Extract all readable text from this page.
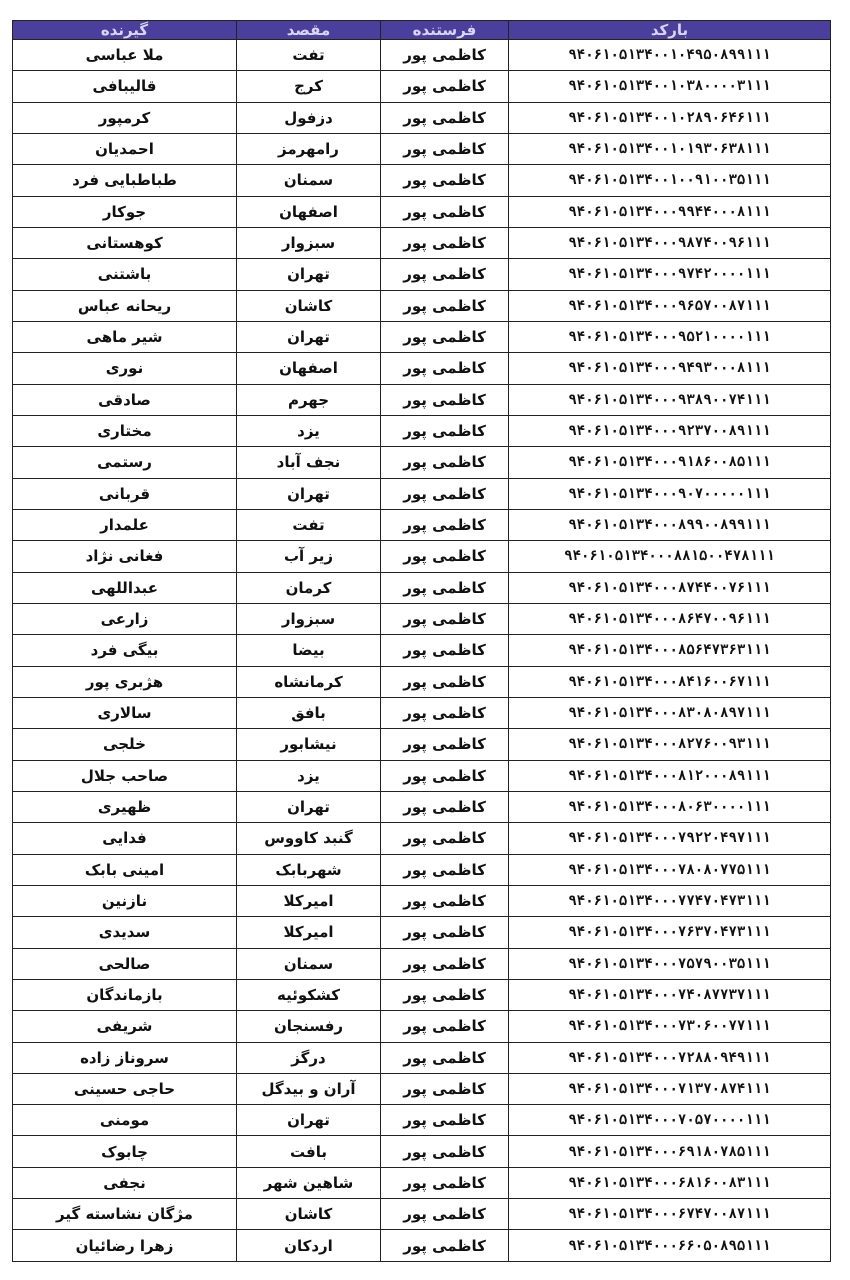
بارکد	فرستنده	مقصد	گیرنده
۹۴۰۶۱۰۵۱۳۴۰۰۱۰۴۹۵۰۸۹۹۱۱۱	کاظمی پور	تفت	ملا عباسی
۹۴۰۶۱۰۵۱۳۴۰۰۱۰۳۸۰۰۰۰۳۱۱۱	کاظمی پور	کرج	قالیبافی
۹۴۰۶۱۰۵۱۳۴۰۰۱۰۲۸۹۰۶۴۶۱۱۱	کاظمی پور	دزفول	کرمپور
۹۴۰۶۱۰۵۱۳۴۰۰۱۰۱۹۳۰۶۳۸۱۱۱	کاظمی پور	رامهرمز	احمدیان
۹۴۰۶۱۰۵۱۳۴۰۰۱۰۰۹۱۰۰۳۵۱۱۱	کاظمی پور	سمنان	طباطبایی فرد
۹۴۰۶۱۰۵۱۳۴۰۰۰۹۹۴۴۰۰۰۸۱۱۱	کاظمی پور	اصفهان	جوکار
۹۴۰۶۱۰۵۱۳۴۰۰۰۹۸۷۴۰۰۹۶۱۱۱	کاظمی پور	سبزوار	کوهستانی
۹۴۰۶۱۰۵۱۳۴۰۰۰۹۷۴۲۰۰۰۰۱۱۱	کاظمی پور	تهران	باشتنی
۹۴۰۶۱۰۵۱۳۴۰۰۰۹۶۵۷۰۰۸۷۱۱۱	کاظمی پور	کاشان	ریحانه عباس
۹۴۰۶۱۰۵۱۳۴۰۰۰۹۵۲۱۰۰۰۰۱۱۱	کاظمی پور	تهران	شیر ماهی
۹۴۰۶۱۰۵۱۳۴۰۰۰۹۴۹۳۰۰۰۸۱۱۱	کاظمی پور	اصفهان	نوری
۹۴۰۶۱۰۵۱۳۴۰۰۰۹۳۸۹۰۰۷۴۱۱۱	کاظمی پور	جهرم	صادقی
۹۴۰۶۱۰۵۱۳۴۰۰۰۹۲۳۷۰۰۸۹۱۱۱	کاظمی پور	یزد	مختاری
۹۴۰۶۱۰۵۱۳۴۰۰۰۹۱۸۶۰۰۸۵۱۱۱	کاظمی پور	نجف آباد	رستمی
۹۴۰۶۱۰۵۱۳۴۰۰۰۹۰۷۰۰۰۰۰۱۱۱	کاظمی پور	تهران	قربانی
۹۴۰۶۱۰۵۱۳۴۰۰۰۸۹۹۰۰۸۹۹۱۱۱	کاظمی پور	تفت	علمدار
۹۴۰۶۱۰۵۱۳۴۰۰۰۸۸۱۵۰۰۴۷۸۱۱۱	کاظمی پور	زیر آب	فغانی نژاد
۹۴۰۶۱۰۵۱۳۴۰۰۰۸۷۴۴۰۰۷۶۱۱۱	کاظمی پور	کرمان	عبداللهی
۹۴۰۶۱۰۵۱۳۴۰۰۰۸۶۴۷۰۰۹۶۱۱۱	کاظمی پور	سبزوار	زارعی
۹۴۰۶۱۰۵۱۳۴۰۰۰۸۵۶۴۷۳۶۳۱۱۱	کاظمی پور	بیضا	بیگی فرد
۹۴۰۶۱۰۵۱۳۴۰۰۰۸۴۱۶۰۰۶۷۱۱۱	کاظمی پور	کرمانشاه	هژبری پور
۹۴۰۶۱۰۵۱۳۴۰۰۰۸۳۰۸۰۸۹۷۱۱۱	کاظمی پور	بافق	سالاری
۹۴۰۶۱۰۵۱۳۴۰۰۰۸۲۷۶۰۰۹۳۱۱۱	کاظمی پور	نیشابور	خلجی
۹۴۰۶۱۰۵۱۳۴۰۰۰۸۱۲۰۰۰۸۹۱۱۱	کاظمی پور	یزد	صاحب جلال
۹۴۰۶۱۰۵۱۳۴۰۰۰۸۰۶۳۰۰۰۰۱۱۱	کاظمی پور	تهران	ظهیری
۹۴۰۶۱۰۵۱۳۴۰۰۰۷۹۲۲۰۴۹۷۱۱۱	کاظمی پور	گنبد کاووس	فدایی
۹۴۰۶۱۰۵۱۳۴۰۰۰۷۸۰۸۰۷۷۵۱۱۱	کاظمی پور	شهربابک	امینی بابک
۹۴۰۶۱۰۵۱۳۴۰۰۰۷۷۴۷۰۴۷۳۱۱۱	کاظمی پور	امیرکلا	نازنین
۹۴۰۶۱۰۵۱۳۴۰۰۰۷۶۳۷۰۴۷۳۱۱۱	کاظمی پور	امیرکلا	سدیدی
۹۴۰۶۱۰۵۱۳۴۰۰۰۷۵۷۹۰۰۳۵۱۱۱	کاظمی پور	سمنان	صالحی
۹۴۰۶۱۰۵۱۳۴۰۰۰۷۴۰۸۷۷۳۷۱۱۱	کاظمی پور	کشکوئیه	بازماندگان
۹۴۰۶۱۰۵۱۳۴۰۰۰۷۳۰۶۰۰۷۷۱۱۱	کاظمی پور	رفسنجان	شریفی
۹۴۰۶۱۰۵۱۳۴۰۰۰۷۲۸۸۰۹۴۹۱۱۱	کاظمی پور	درگز	سروناز زاده
۹۴۰۶۱۰۵۱۳۴۰۰۰۷۱۳۷۰۸۷۴۱۱۱	کاظمی پور	آران و بیدگل	حاجی حسینی
۹۴۰۶۱۰۵۱۳۴۰۰۰۷۰۵۷۰۰۰۰۱۱۱	کاظمی پور	تهران	مومنی
۹۴۰۶۱۰۵۱۳۴۰۰۰۶۹۱۸۰۷۸۵۱۱۱	کاظمی پور	بافت	چابوک
۹۴۰۶۱۰۵۱۳۴۰۰۰۶۸۱۶۰۰۸۳۱۱۱	کاظمی پور	شاهین شهر	نجفی
۹۴۰۶۱۰۵۱۳۴۰۰۰۶۷۴۷۰۰۸۷۱۱۱	کاظمی پور	کاشان	مژگان نشاسته گیر
۹۴۰۶۱۰۵۱۳۴۰۰۰۶۶۰۵۰۸۹۵۱۱۱	کاظمی پور	اردکان	زهرا رضائیان
